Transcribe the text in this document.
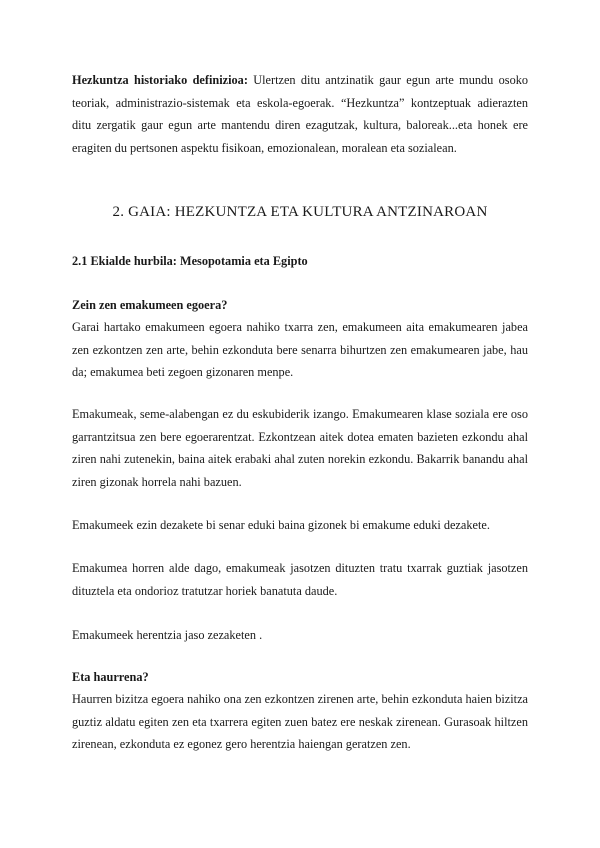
Hezkuntza historiako definizioa: Ulertzen ditu antzinatik gaur egun arte mundu osoko teoriak, administrazio-sistemak eta eskola-egoerak. “Hezkuntza” kontzeptuak adierazten ditu zergatik gaur egun arte mantendu diren ezagutzak, kultura, baloreak...eta honek ere eragiten du pertsonen aspektu fisikoan, emozionalean, moralean eta sozialean.

2. GAIA: HEZKUNTZA ETA KULTURA ANTZINAROAN

2.1 Ekialde hurbila: Mesopotamia eta Egipto

Zein zen emakumeen egoera?

Garai hartako emakumeen egoera nahiko txarra zen, emakumeen aita emakumearen jabea zen ezkontzen zen arte, behin ezkonduta bere senarra bihurtzen zen emakumearen jabe, hau da; emakumea beti zegoen gizonaren menpe.

Emakumeak, seme-alabengan ez du eskubiderik izango. Emakumearen klase soziala ere oso garrantzitsua zen bere egoerarentzat. Ezkontzean aitek dotea ematen bazieten ezkondu ahal ziren nahi zutenekin, baina aitek erabaki ahal zuten norekin ezkondu. Bakarrik banandu ahal ziren gizonak horrela nahi bazuen.

Emakumeek ezin dezakete bi senar eduki baina gizonek bi emakume eduki dezakete.

Emakumea horren alde dago, emakumeak jasotzen dituzten tratu txarrak guztiak jasotzen dituztela eta ondorioz tratutzar horiek banatuta daude.

Emakumeek herentzia jaso zezaketen .

Eta haurrena?

Haurren bizitza egoera nahiko ona zen ezkontzen zirenen arte, behin ezkonduta haien bizitza guztiz aldatu egiten zen eta txarrera egiten zuen batez ere neskak zirenean. Gurasoak hiltzen zirenean, ezkonduta ez egonez gero herentzia haiengan geratzen zen.
